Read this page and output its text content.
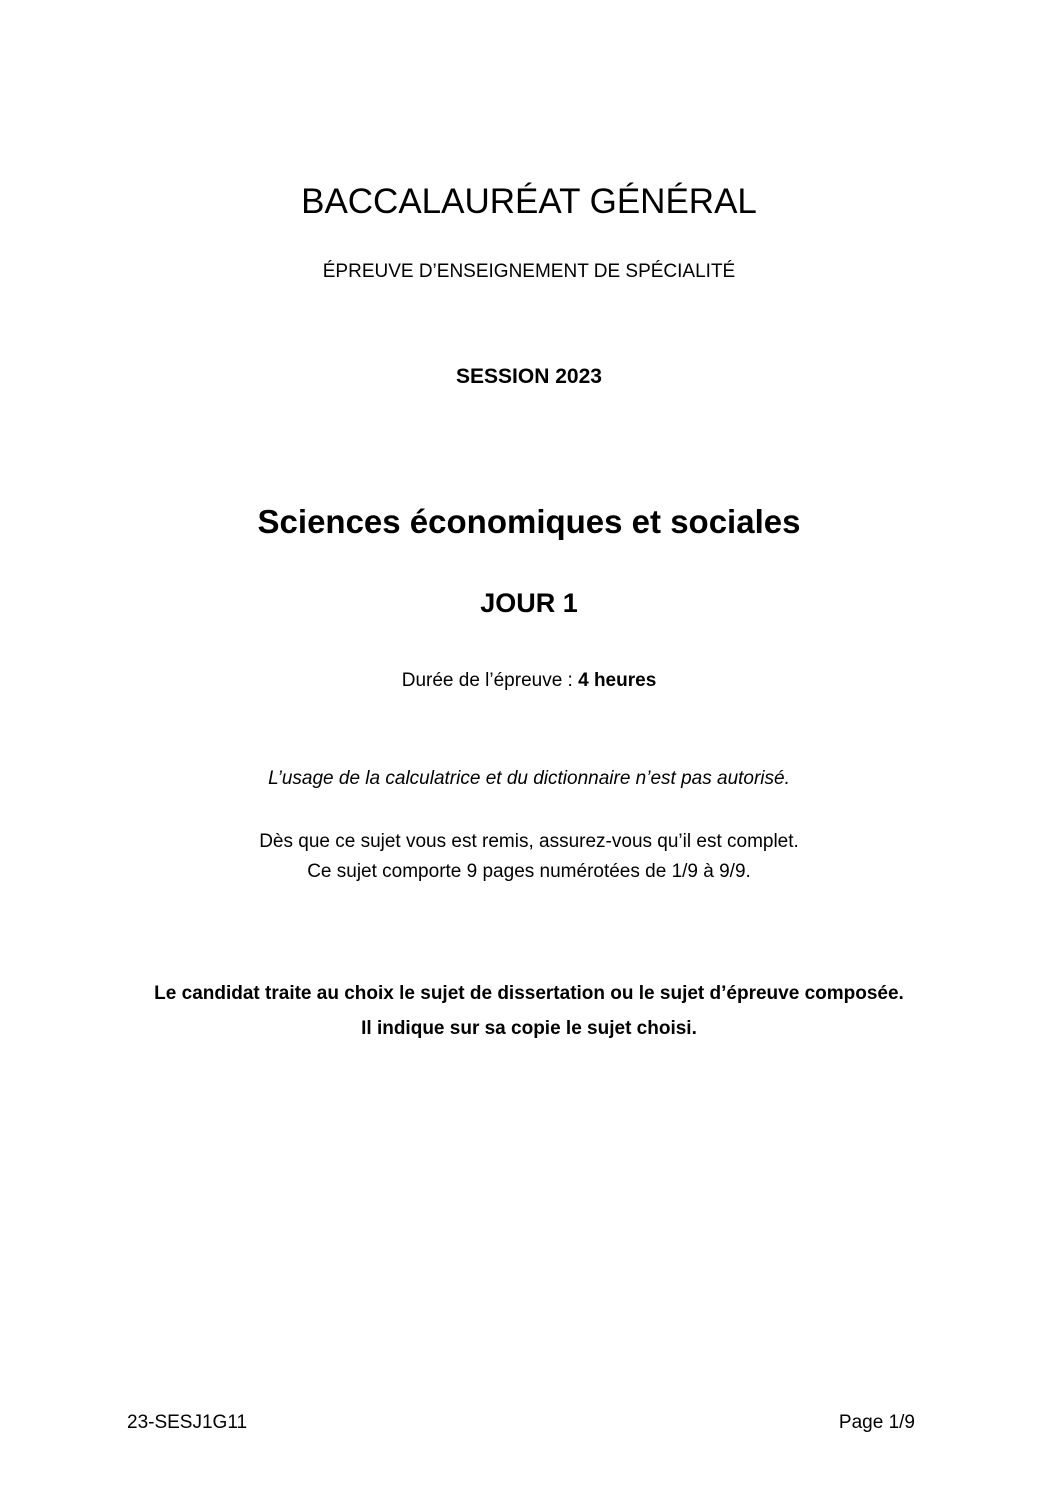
BACCALAURÉAT GÉNÉRAL
ÉPREUVE D’ENSEIGNEMENT DE SPÉCIALITÉ
SESSION 2023
Sciences économiques et sociales
JOUR 1
Durée de l’épreuve : 4 heures
L’usage de la calculatrice et du dictionnaire n’est pas autorisé.
Dès que ce sujet vous est remis, assurez-vous qu’il est complet.
Ce sujet comporte 9 pages numérotées de 1/9 à 9/9.
Le candidat traite au choix le sujet de dissertation ou le sujet d’épreuve composée.
Il indique sur sa copie le sujet choisi.
23-SESJ1G11	Page 1/9
